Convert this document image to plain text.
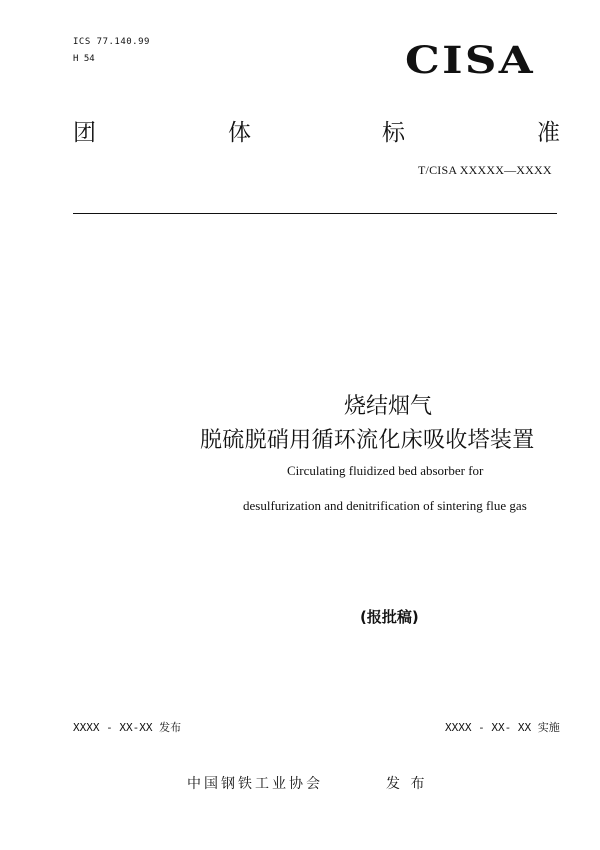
ICS 77.140.99
H 54	CISA
团	体	标	准
T/CISA XXXXX—XXXX
烧结烟气
脱硫脱硝用循环流化床吸收塔装置
Circulating fluidized bed absorber for
desulfurization and denitrification of sintering flue gas
(报批稿)
XXXX - XX-XX 发布	XXXX - XX- XX 实施
中国钢铁工业协会	发 布
